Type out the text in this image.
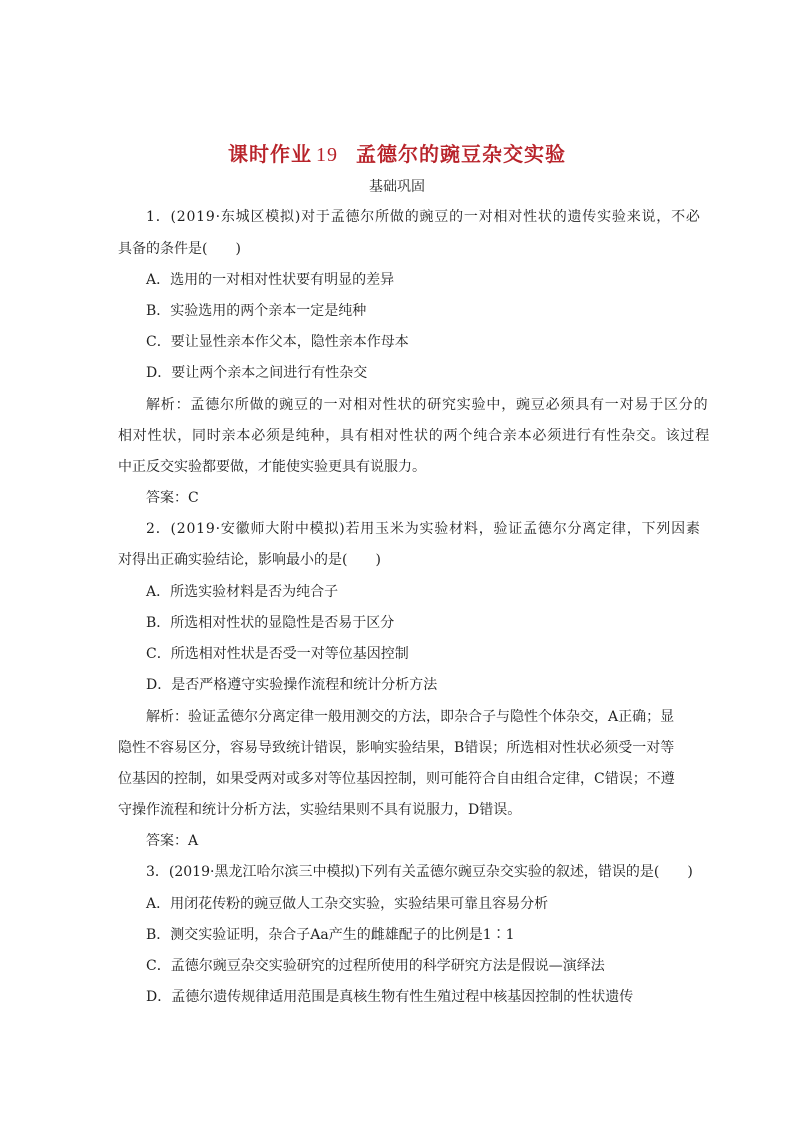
课时作业 19 孟德尔的豌豆杂交实验
基础巩固
1．(2019·东城区模拟)对于孟德尔所做的豌豆的一对相对性状的遗传实验来说，不必
具备的条件是(　　)
A．选用的一对相对性状要有明显的差异
B．实验选用的两个亲本一定是纯种
C．要让显性亲本作父本，隐性亲本作母本
D．要让两个亲本之间进行有性杂交
解析：孟德尔所做的豌豆的一对相对性状的研究实验中，豌豆必须具有一对易于区分的
相对性状，同时亲本必须是纯种，具有相对性状的两个纯合亲本必须进行有性杂交。该过程
中正反交实验都要做，才能使实验更具有说服力。
答案：C
2．(2019·安徽师大附中模拟)若用玉米为实验材料，验证孟德尔分离定律，下列因素
对得出正确实验结论，影响最小的是(　　)
A．所选实验材料是否为纯合子
B．所选相对性状的显隐性是否易于区分
C．所选相对性状是否受一对等位基因控制
D．是否严格遵守实验操作流程和统计分析方法
解析：验证孟德尔分离定律一般用测交的方法，即杂合子与隐性个体杂交，A正确；显
隐性不容易区分，容易导致统计错误，影响实验结果，B错误；所选相对性状必须受一对等
位基因的控制，如果受两对或多对等位基因控制，则可能符合自由组合定律，C错误；不遵
守操作流程和统计分析方法，实验结果则不具有说服力，D错误。
答案：A
3．(2019·黑龙江哈尔滨三中模拟)下列有关孟德尔豌豆杂交实验的叙述，错误的是(　　)
A．用闭花传粉的豌豆做人工杂交实验，实验结果可靠且容易分析
B．测交实验证明，杂合子Aa产生的雌雄配子的比例是1∶1
C．孟德尔豌豆杂交实验研究的过程所使用的科学研究方法是假说—演绎法
D．孟德尔遗传规律适用范围是真核生物有性生殖过程中核基因控制的性状遗传
